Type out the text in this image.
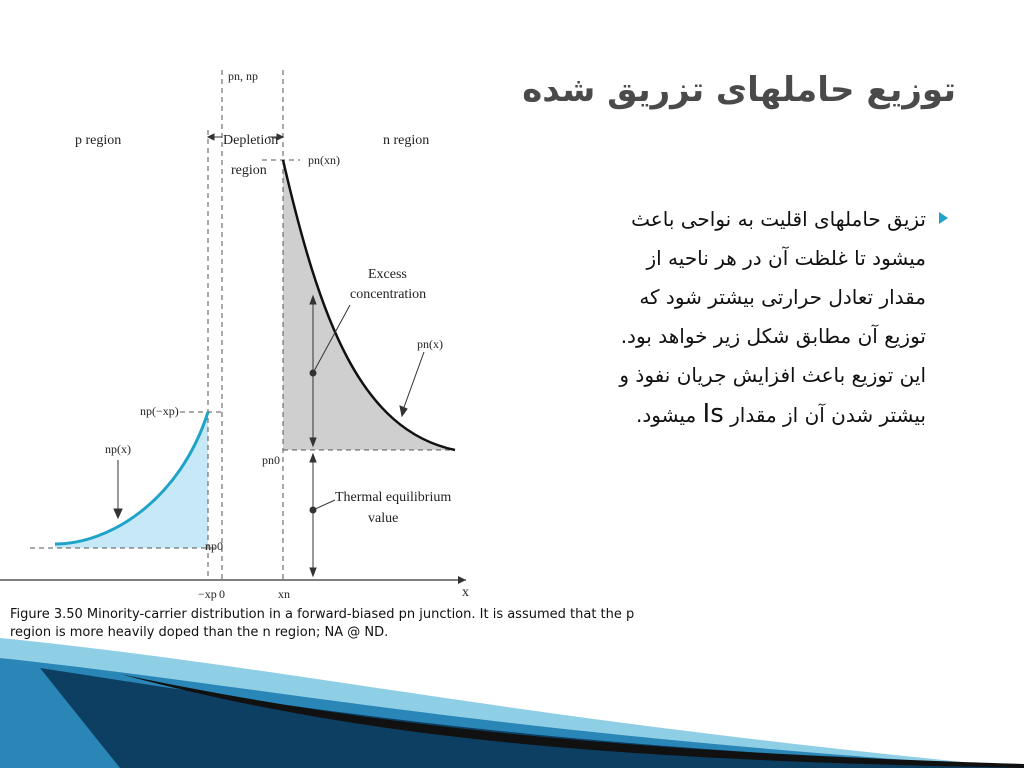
توزیع حاملهای تزریق شده
تزیق حاملهای اقلیت به نواحی باعث
میشود تا غلظت آن در هر ناحیه از
مقدار تعادل حرارتی بیشتر شود که
توزیع آن مطابق شکل زیر خواهد بود.
این توزیع باعث افزایش جریان نفوذ و
بیشتر شدن آن از مقدار Is میشود.
pn, np
p region	n region
Depletion
region
pn(xn)
np(−xp)
np(x)
pn(x)
pn0
np0
Excess
concentration
Thermal equilibrium
value
−xp 0	xn	x
Figure 3.50 Minority-carrier distribution in a forward-biased pn junction. It is assumed that the p
region is more heavily doped than the n region; NA @ ND.
